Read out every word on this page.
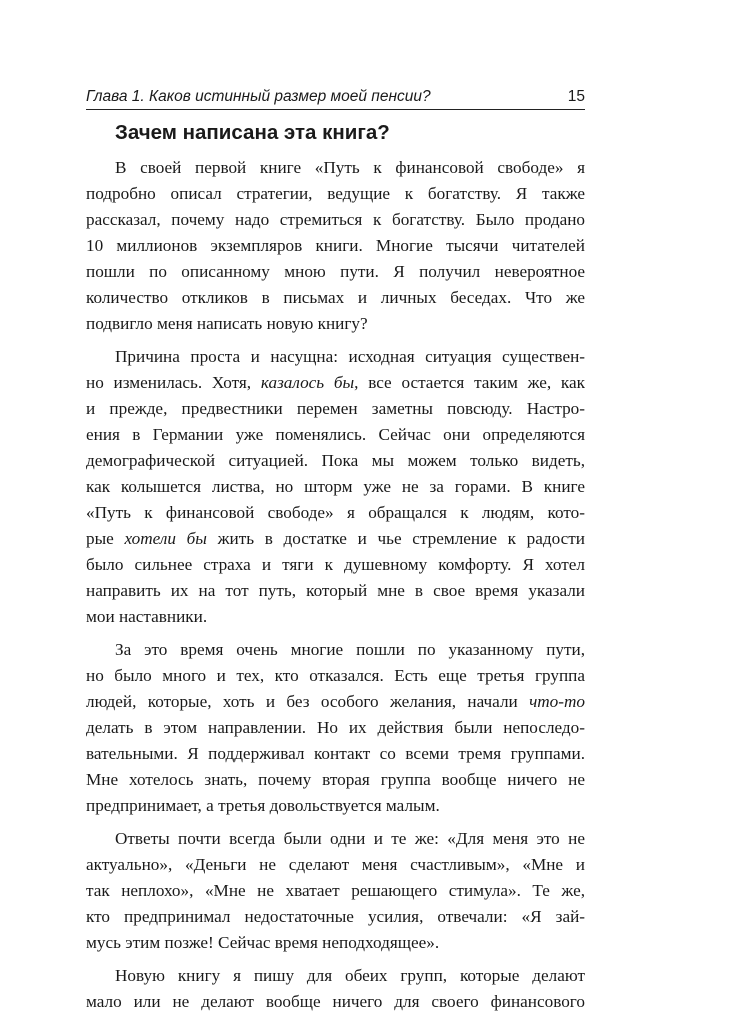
Глава 1. Каков истинный размер моей пенсии?	15
Зачем написана эта книга?
В своей первой книге «Путь к финансовой свободе» я
подробно описал стратегии, ведущие к богатству. Я также
рассказал, почему надо стремиться к богатству. Было продано
10 миллионов экземпляров книги. Многие тысячи читателей
пошли по описанному мною пути. Я получил невероятное
количество откликов в письмах и личных беседах. Что же
подвигло меня написать новую книгу?
Причина проста и насущна: исходная ситуация существен-
но изменилась. Хотя, казалось бы, все остается таким же, как
и прежде, предвестники перемен заметны повсюду. Настро-
ения в Германии уже поменялись. Сейчас они определяются
демографической ситуацией. Пока мы можем только видеть,
как колышется листва, но шторм уже не за горами. В книге
«Путь к финансовой свободе» я обращался к людям, кото-
рые хотели бы жить в достатке и чье стремление к радости
было сильнее страха и тяги к душевному комфорту. Я хотел
направить их на тот путь, который мне в свое время указали
мои наставники.
За это время очень многие пошли по указанному пути,
но было много и тех, кто отказался. Есть еще третья группа
людей, которые, хоть и без особого желания, начали что-то
делать в этом направлении. Но их действия были непоследо-
вательными. Я поддерживал контакт со всеми тремя группами.
Мне хотелось знать, почему вторая группа вообще ничего не
предпринимает, а третья довольствуется малым.
Ответы почти всегда были одни и те же: «Для меня это не
актуально», «Деньги не сделают меня счастливым», «Мне и
так неплохо», «Мне не хватает решающего стимула». Те же,
кто предпринимал недостаточные усилия, отвечали: «Я зай-
мусь этим позже! Сейчас время неподходящее».
Новую книгу я пишу для обеих групп, которые делают
мало или не делают вообще ничего для своего финансового
